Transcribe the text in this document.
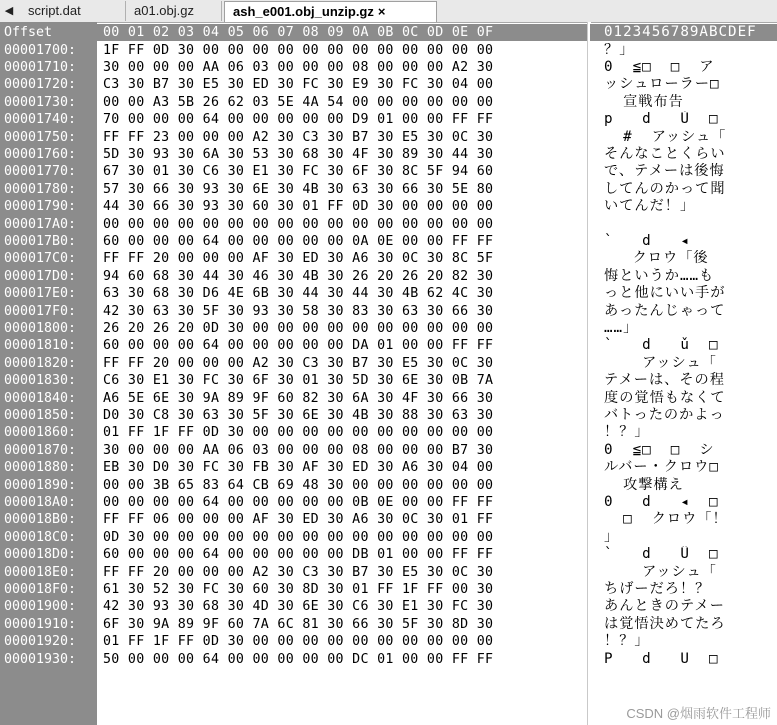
◀	script.dat	a01.obj.gz	ash_e001.obj_unzip.gz ×
Offset	00 01 02 03 04 05 06 07 08 09 0A 0B 0C 0D 0E 0F	0123456789ABCDEF
00001700:	1F FF 0D 30 00 00 00 00 00 00 00 00 00 00 00 00	？」
00001710:	30 00 00 00 AA 06 03 00 00 00 08 00 00 00 A2 30	0  ≦□  □  ア
00001720:	C3 30 B7 30 E5 30 ED 30 FC 30 E9 30 FC 30 04 00	ッシュローラー□
00001730:	00 00 A3 5B 26 62 03 5E 4A 54 00 00 00 00 00 00	宣戦布告
00001740:	70 00 00 00 64 00 00 00 00 00 D9 01 00 00 FF FF	p   d   Ù  □
00001750:	FF FF 23 00 00 00 A2 30 C3 30 B7 30 E5 30 0C 30	#  アッシュ「
00001760:	5D 30 93 30 6A 30 53 30 68 30 4F 30 89 30 44 30	そんなことくらい
00001770:	67 30 01 30 C6 30 E1 30 FC 30 6F 30 8C 5F 94 60	で、テメーは後悔
00001780:	57 30 66 30 93 30 6E 30 4B 30 63 30 66 30 5E 80	してんのかって聞
00001790:	44 30 66 30 93 30 60 30 01 FF 0D 30 00 00 00 00	いてんだ！」
000017A0:	00 00 00 00 00 00 00 00 00 00 00 00 00 00 00 00
000017B0:	60 00 00 00 64 00 00 00 00 00 0A 0E 00 00 FF FF	`   d   ◂
000017C0:	FF FF 20 00 00 00 AF 30 ED 30 A6 30 0C 30 8C 5F	クロウ「後
000017D0:	94 60 68 30 44 30 46 30 4B 30 26 20 26 20 82 30	悔というか……も
000017E0:	63 30 68 30 D6 4E 6B 30 44 30 44 30 4B 62 4C 30	っと他にいい手が
000017F0:	42 30 63 30 5F 30 93 30 58 30 83 30 63 30 66 30	あったんじゃって
00001800:	26 20 26 20 0D 30 00 00 00 00 00 00 00 00 00 00	……」
00001810:	60 00 00 00 64 00 00 00 00 00 DA 01 00 00 FF FF	`   d   ǔ  □
00001820:	FF FF 20 00 00 00 A2 30 C3 30 B7 30 E5 30 0C 30	アッシュ「
00001830:	C6 30 E1 30 FC 30 6F 30 01 30 5D 30 6E 30 0B 7A	テメーは、その程
00001840:	A6 5E 6E 30 9A 89 9F 60 82 30 6A 30 4F 30 66 30	度の覚悟もなくて
00001850:	D0 30 C8 30 63 30 5F 30 6E 30 4B 30 88 30 63 30	バトったのかよっ
00001860:	01 FF 1F FF 0D 30 00 00 00 00 00 00 00 00 00 00	！？」
00001870:	30 00 00 00 AA 06 03 00 00 00 08 00 00 00 B7 30	0  ≦□  □  シ
00001880:	EB 30 D0 30 FC 30 FB 30 AF 30 ED 30 A6 30 04 00	ルバー・クロウ□
00001890:	00 00 3B 65 83 64 CB 69 48 30 00 00 00 00 00 00	攻撃構え
000018A0:	00 00 00 00 64 00 00 00 00 00 0B 0E 00 00 FF FF	0   d   ◂  □
000018B0:	FF FF 06 00 00 00 AF 30 ED 30 A6 30 0C 30 01 FF	□  クロウ「！
000018C0:	0D 30 00 00 00 00 00 00 00 00 00 00 00 00 00 00	」
000018D0:	60 00 00 00 64 00 00 00 00 00 DB 01 00 00 FF FF	`   d   Û  □
000018E0:	FF FF 20 00 00 00 A2 30 C3 30 B7 30 E5 30 0C 30	アッシュ「
000018F0:	61 30 52 30 FC 30 60 30 8D 30 01 FF 1F FF 00 30	ちげーだろ！？
00001900:	42 30 93 30 68 30 4D 30 6E 30 C6 30 E1 30 FC 30	あんときのテメー
00001910:	6F 30 9A 89 9F 60 7A 6C 81 30 66 30 5F 30 8D 30	は覚悟決めてたろ
00001920:	01 FF 1F FF 0D 30 00 00 00 00 00 00 00 00 00 00	！？」
00001930:	50 00 00 00 64 00 00 00 00 00 DC 01 00 00 FF FF	P   d   Ü  □
CSDN @烟雨软件工程师
